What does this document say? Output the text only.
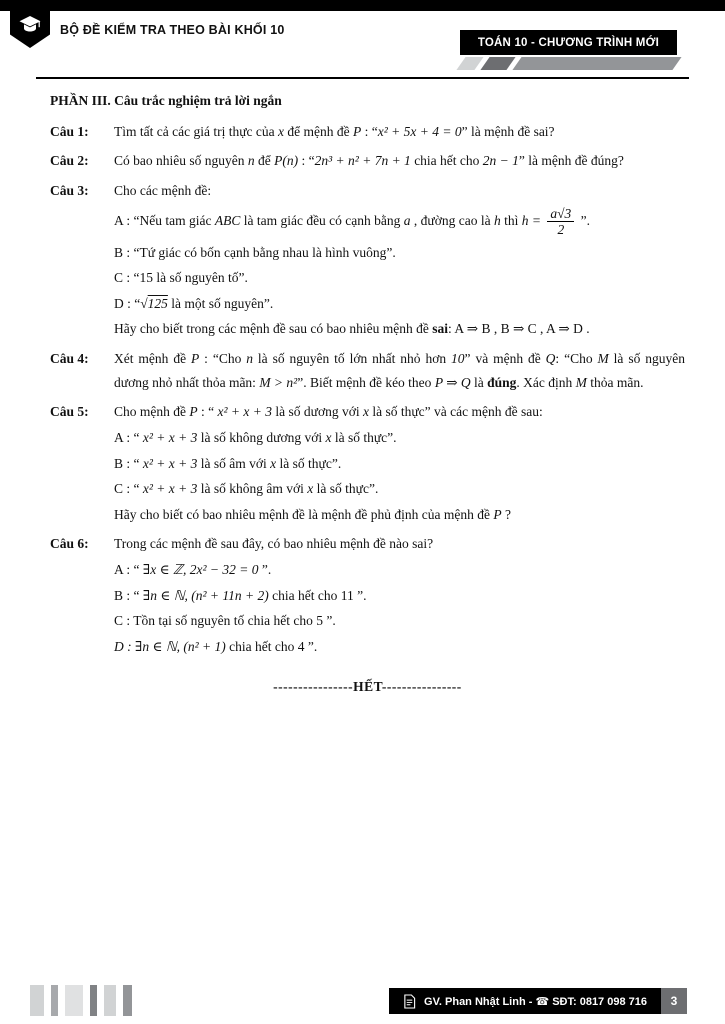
BỘ ĐỀ KIỂM TRA THEO BÀI KHỐI 10
TOÁN 10 - CHƯƠNG TRÌNH MỚI
PHẦN III. Câu trắc nghiệm trả lời ngắn
Câu 1:	Tìm tất cả các giá trị thực của x để mệnh đề P : “x² + 5x + 4 = 0” là mệnh đề sai?
Câu 2:	Có bao nhiêu số nguyên n để P(n) : “2n³ + n² + 7n + 1 chia hết cho 2n − 1” là mệnh đề đúng?
Câu 3:	Cho các mệnh đề:
A : “Nếu tam giác ABC là tam giác đều có cạnh bằng a , đường cao là h thì $h = \frac{a√3}{2}$ ”.
B : “Tứ giác có bốn cạnh bằng nhau là hình vuông”.
C : “15 là số nguyên tố”.
D : “√125 là một số nguyên”.
Hãy cho biết trong các mệnh đề sau có bao nhiêu mệnh đề sai: A ⇒ B , B ⇒ C , A ⇒ D .
Câu 4:	Xét mệnh đề P : “Cho n là số nguyên tố lớn nhất nhỏ hơn 10” và mệnh đề Q: “Cho M là số nguyên dương nhỏ nhất thỏa mãn: M > n²”. Biết mệnh đề kéo theo P ⇒ Q là đúng. Xác định M thỏa mãn.
Câu 5:	Cho mệnh đề P : “ x² + x + 3 là số dương với x là số thực” và các mệnh đề sau:
A : “ x² + x + 3 là số không dương với x là số thực”.
B : “ x² + x + 3 là số âm với x là số thực”.
C : “ x² + x + 3 là số không âm với x là số thực”.
Hãy cho biết có bao nhiêu mệnh đề là mệnh đề phủ định của mệnh đề P ?
Câu 6:	Trong các mệnh đề sau đây, có bao nhiêu mệnh đề nào sai?
A : “ ∃x ∈ ℤ, 2x² − 32 = 0 ”.
B : “ ∃n ∈ ℕ, (n² + 11n + 2) chia hết cho 11 ”.
C : Tồn tại số nguyên tố chia hết cho 5 ”.
D : ∃n ∈ ℕ, (n² + 1) chia hết cho 4 ”.
----------------HẾT----------------
GV. Phan Nhật Linh - ☎ SĐT: 0817 098 716	3
